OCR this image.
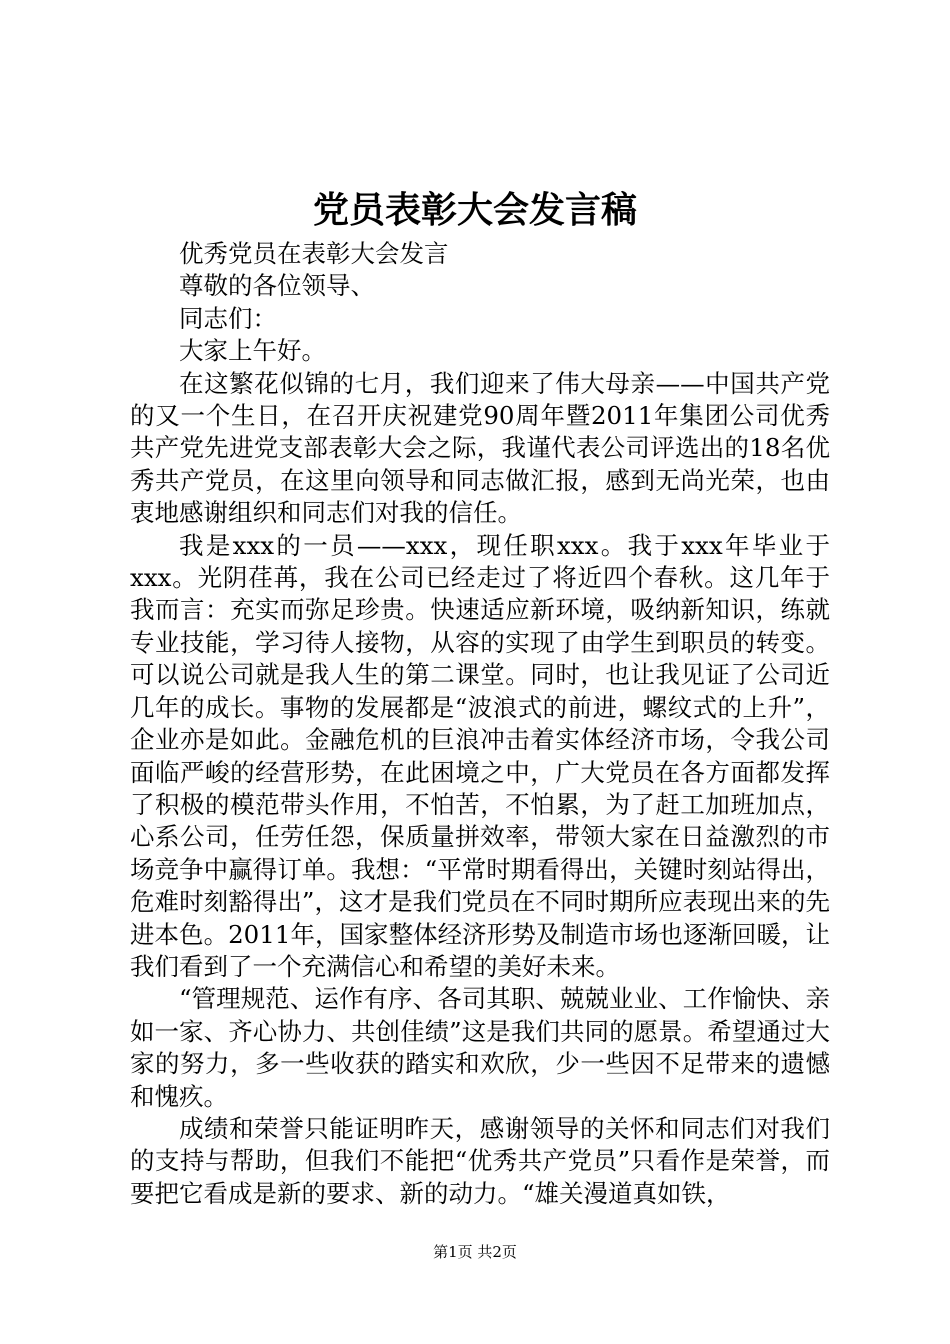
党员表彰大会发言稿

优秀党员在表彰大会发言

尊敬的各位领导、

同志们：

大家上午好。

在这繁花似锦的七月，我们迎来了伟大母亲——中国共产党的又一个生日，在召开庆祝建党90周年暨2011年集团公司优秀共产党先进党支部表彰大会之际，我谨代表公司评选出的18名优秀共产党员，在这里向领导和同志做汇报，感到无尚光荣，也由衷地感谢组织和同志们对我的信任。

我是xxx的一员——xxx，现任职xxx。我于xxx年毕业于xxx。光阴荏苒，我在公司已经走过了将近四个春秋。这几年于我而言：充实而弥足珍贵。快速适应新环境，吸纳新知识，练就专业技能，学习待人接物，从容的实现了由学生到职员的转变。可以说公司就是我人生的第二课堂。同时，也让我见证了公司近几年的成长。事物的发展都是“波浪式的前进，螺纹式的上升”，企业亦是如此。金融危机的巨浪冲击着实体经济市场，令我公司面临严峻的经营形势，在此困境之中，广大党员在各方面都发挥了积极的模范带头作用，不怕苦，不怕累，为了赶工加班加点，心系公司，任劳任怨，保质量拼效率，带领大家在日益激烈的市场竞争中赢得订单。我想：“平常时期看得出，关键时刻站得出，危难时刻豁得出”，这才是我们党员在不同时期所应表现出来的先进本色。2011年，国家整体经济形势及制造市场也逐渐回暖，让我们看到了一个充满信心和希望的美好未来。

“管理规范、运作有序、各司其职、兢兢业业、工作愉快、亲如一家、齐心协力、共创佳绩”这是我们共同的愿景。希望通过大家的努力，多一些收获的踏实和欢欣，少一些因不足带来的遗憾和愧疚。

成绩和荣誉只能证明昨天，感谢领导的关怀和同志们对我们的支持与帮助，但我们不能把“优秀共产党员”只看作是荣誉，而要把它看成是新的要求、新的动力。“雄关漫道真如铁，

第1页 共2页
